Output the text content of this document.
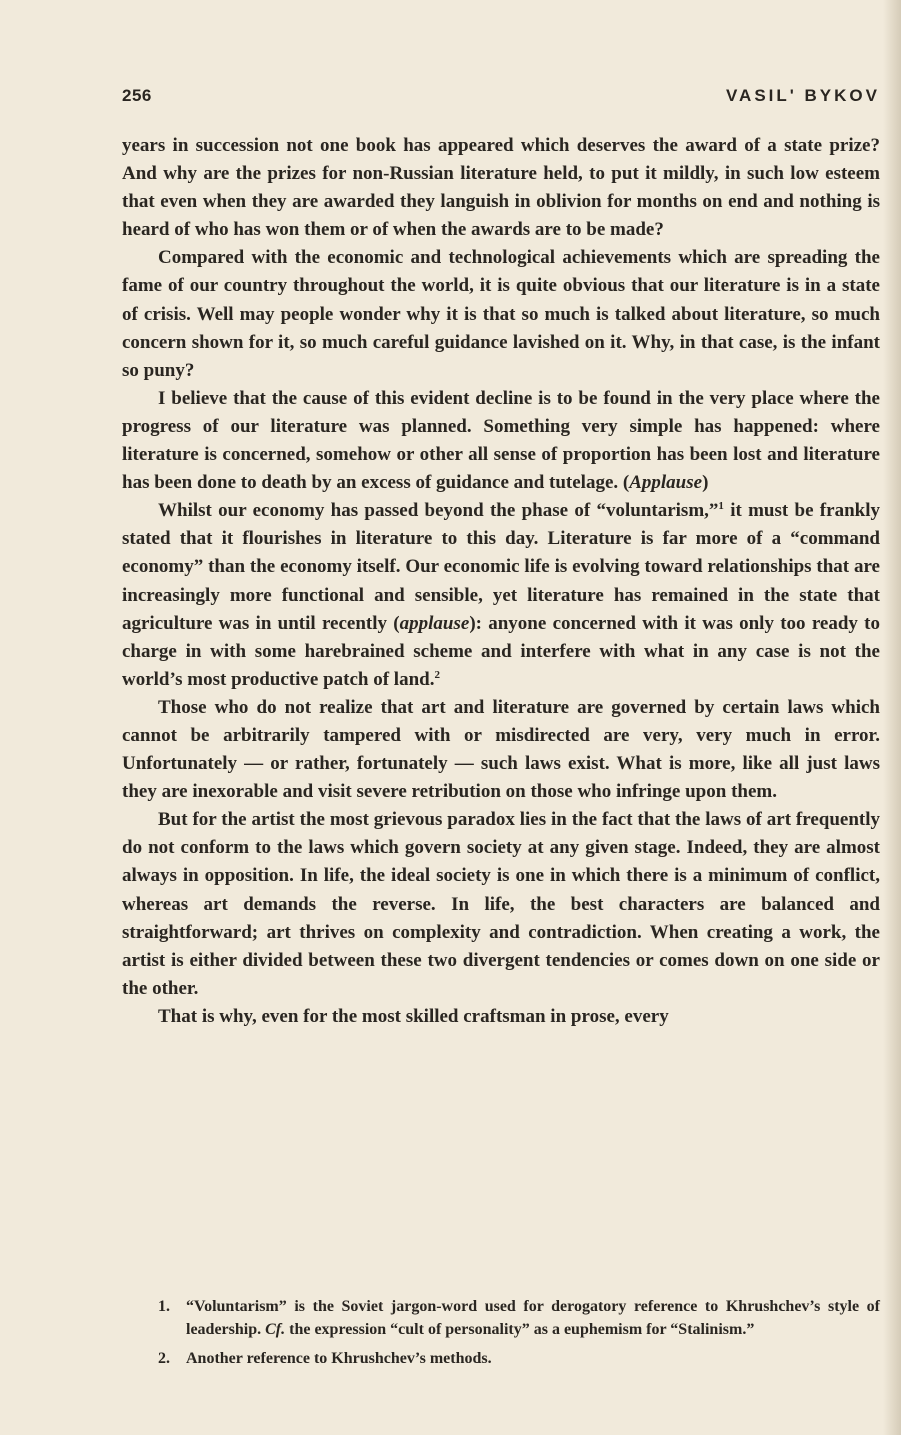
256	VASIL' BYKOV

years in succession not one book has appeared which deserves the award of a state prize? And why are the prizes for non-Russian literature held, to put it mildly, in such low esteem that even when they are awarded they languish in oblivion for months on end and nothing is heard of who has won them or of when the awards are to be made?

Compared with the economic and technological achievements which are spreading the fame of our country throughout the world, it is quite obvious that our literature is in a state of crisis. Well may people wonder why it is that so much is talked about literature, so much concern shown for it, so much careful guidance lavished on it. Why, in that case, is the infant so puny?

I believe that the cause of this evident decline is to be found in the very place where the progress of our literature was planned. Something very simple has happened: where literature is concerned, somehow or other all sense of proportion has been lost and literature has been done to death by an excess of guidance and tutelage. (Applause)

Whilst our economy has passed beyond the phase of “voluntarism,”$^1$ it must be frankly stated that it flourishes in literature to this day. Literature is far more of a “command economy” than the economy itself. Our economic life is evolving toward relationships that are increasingly more functional and sensible, yet literature has remained in the state that agriculture was in until recently (applause): anyone concerned with it was only too ready to charge in with some harebrained scheme and interfere with what in any case is not the world’s most productive patch of land.$^2$

Those who do not realize that art and literature are governed by certain laws which cannot be arbitrarily tampered with or misdirected are very, very much in error. Unfortunately — or rather, fortunately — such laws exist. What is more, like all just laws they are inexorable and visit severe retribution on those who infringe upon them.

But for the artist the most grievous paradox lies in the fact that the laws of art frequently do not conform to the laws which govern society at any given stage. Indeed, they are almost always in opposition. In life, the ideal society is one in which there is a minimum of conflict, whereas art demands the reverse. In life, the best characters are balanced and straightforward; art thrives on complexity and contradiction. When creating a work, the artist is either divided between these two divergent tendencies or comes down on one side or the other.

That is why, even for the most skilled craftsman in prose, every

1. “Voluntarism” is the Soviet jargon-word used for derogatory reference to Khrushchev’s style of leadership. Cf. the expression “cult of personality” as a euphemism for “Stalinism.”
2. Another reference to Khrushchev’s methods.
